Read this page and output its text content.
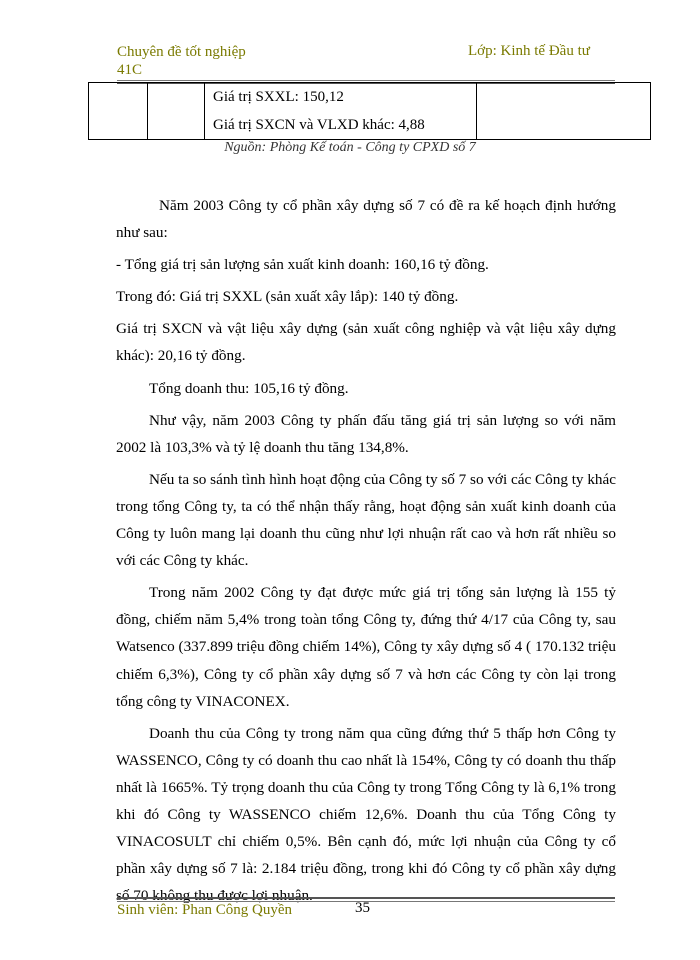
Chuyên đề tốt nghiệp
41C
Lớp: Kinh tế Đầu tư

Giá trị SXXL: 150,12
Giá trị SXCN và VLXD khác: 4,88

Nguồn: Phòng Kế toán - Công ty CPXD số 7

Năm 2003 Công ty cổ phần xây dựng số 7 có đề ra kế hoạch định hướng như sau:

- Tổng giá trị sản lượng sản xuất kinh doanh: 160,16 tỷ đồng.

Trong đó: Giá trị SXXL (sản xuất xây lắp): 140 tỷ đồng.

Giá trị SXCN và vật liệu xây dựng (sản xuất công nghiệp và vật liệu xây dựng khác): 20,16 tỷ đồng.

Tổng doanh thu: 105,16 tỷ đồng.

Như vậy, năm 2003 Công ty phấn đấu tăng giá trị sản lượng so với năm 2002 là 103,3% và tỷ lệ doanh thu tăng 134,8%.

Nếu ta so sánh tình hình hoạt động của Công ty số 7 so với các Công ty khác trong tổng Công ty, ta có thể nhận thấy rằng, hoạt động sản xuất kinh doanh của Công ty luôn mang lại doanh thu cũng như lợi nhuận rất cao và hơn rất nhiều so với các Công ty khác.

Trong năm 2002 Công ty đạt được mức giá trị tổng sản lượng là 155 tỷ đồng, chiếm năm 5,4% trong toàn tổng Công ty, đứng thứ 4/17 của Công ty, sau Watsenco (337.899 triệu đồng chiếm 14%), Công ty xây dựng số 4 ( 170.132 triệu chiếm 6,3%), Công ty cổ phần xây dựng số 7 và hơn các Công ty còn lại trong tổng công ty VINACONEX.

Doanh thu của Công ty trong năm qua cũng đứng thứ 5 thấp hơn Công ty WASSENCO, Công ty có doanh thu cao nhất là 154%, Công ty có doanh thu thấp nhất là 1665%. Tỷ trọng doanh thu của Công ty trong Tổng Công ty là 6,1% trong khi đó Công ty WASSENCO chiếm 12,6%. Doanh thu của Tổng Công ty VINACOSULT chỉ chiếm 0,5%. Bên cạnh đó, mức lợi nhuận của Công ty cổ phần xây dựng số 7 là: 2.184 triệu đồng, trong khi đó Công ty cổ phần xây dựng số 70 không thu được lợi nhuận.

Sinh viên: Phan Công Quyền	35
